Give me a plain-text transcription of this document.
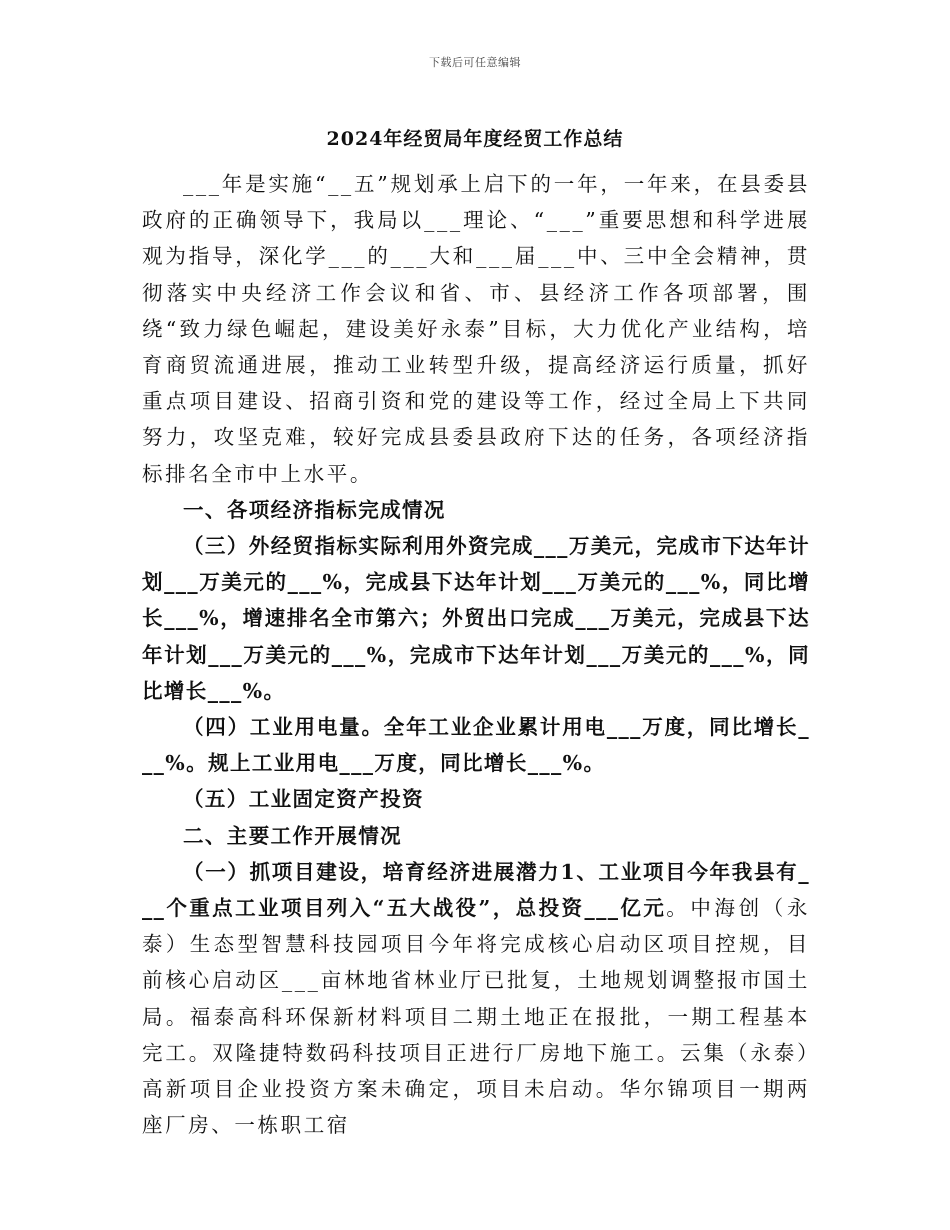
下载后可任意编辑
2024年经贸局年度经贸工作总结

___年是实施“__五”规划承上启下的一年，一年来，在县委县政府的正确领导下，我局以___理论、“___”重要思想和科学进展观为指导，深化学___的___大和___届___中、三中全会精神，贯彻落实中央经济工作会议和省、市、县经济工作各项部署，围绕“致力绿色崛起，建设美好永泰”目标，大力优化产业结构，培育商贸流通进展，推动工业转型升级，提高经济运行质量，抓好重点项目建设、招商引资和党的建设等工作，经过全局上下共同努力，攻坚克难，较好完成县委县政府下达的任务，各项经济指标排名全市中上水平。

一、各项经济指标完成情况

（三）外经贸指标实际利用外资完成___万美元，完成市下达年计划___万美元的___%，完成县下达年计划___万美元的___%，同比增长___%，增速排名全市第六；外贸出口完成___万美元，完成县下达年计划___万美元的___%，完成市下达年计划___万美元的___%，同比增长___%。

（四）工业用电量。全年工业企业累计用电___万度，同比增长___%。规上工业用电___万度，同比增长___%。

（五）工业固定资产投资

二、主要工作开展情况

（一）抓项目建设，培育经济进展潜力1、工业项目今年我县有___个重点工业项目列入“五大战役”，总投资___亿元。中海创（永泰）生态型智慧科技园项目今年将完成核心启动区项目控规，目前核心启动区___亩林地省林业厅已批复，土地规划调整报市国土局。福泰高科环保新材料项目二期土地正在报批，一期工程基本完工。双隆捷特数码科技项目正进行厂房地下施工。云集（永泰）高新项目企业投资方案未确定，项目未启动。华尔锦项目一期两座厂房、一栋职工宿
